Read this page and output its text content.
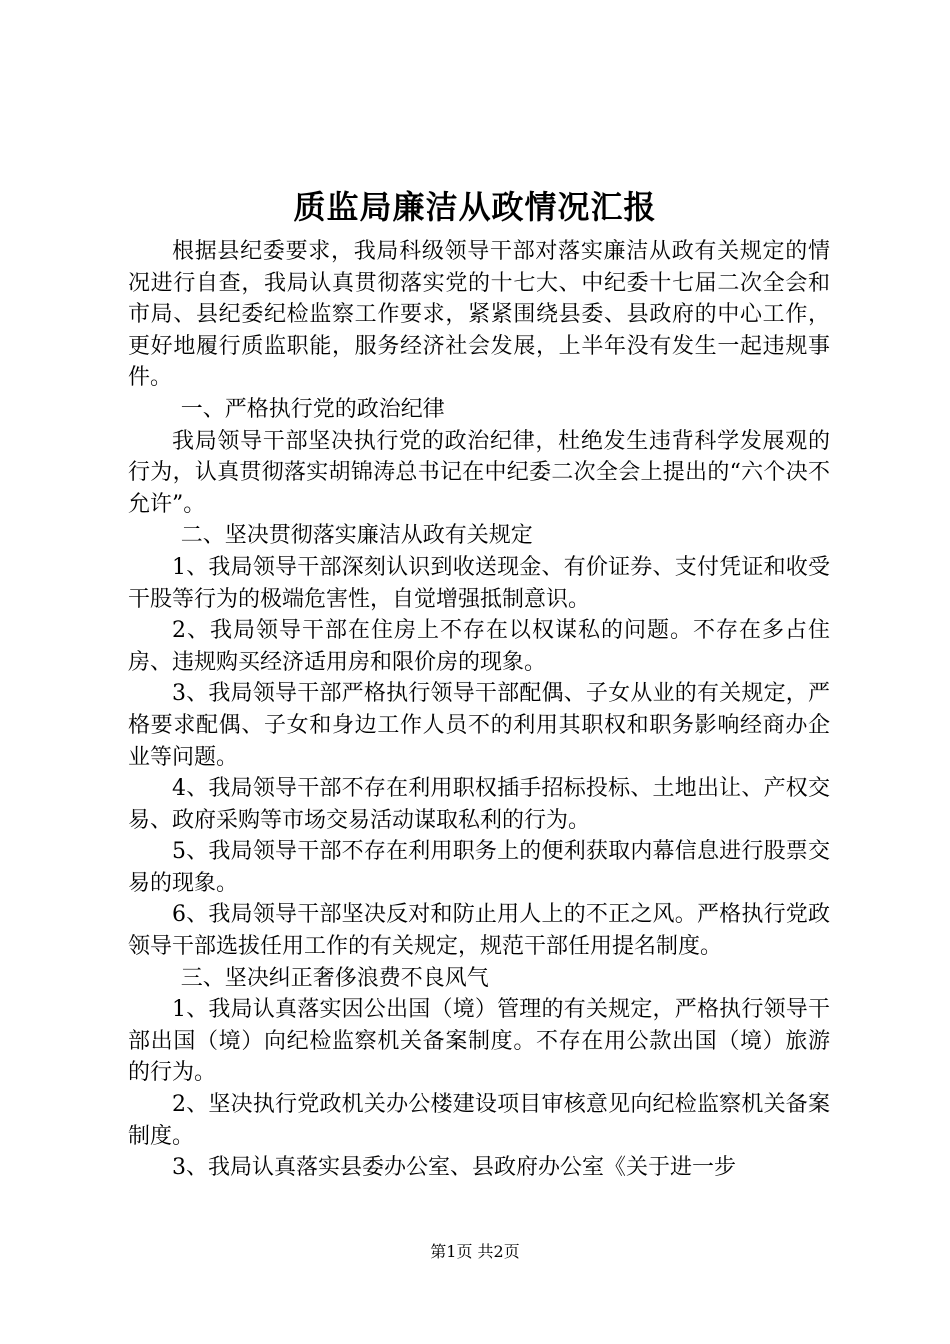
质监局廉洁从政情况汇报

根据县纪委要求，我局科级领导干部对落实廉洁从政有关规定的情况进行自查，我局认真贯彻落实党的十七大、中纪委十七届二次全会和市局、县纪委纪检监察工作要求，紧紧围绕县委、县政府的中心工作，更好地履行质监职能，服务经济社会发展，上半年没有发生一起违规事件。

一、严格执行党的政治纪律

我局领导干部坚决执行党的政治纪律，杜绝发生违背科学发展观的行为，认真贯彻落实胡锦涛总书记在中纪委二次全会上提出的“六个决不允许”。

二、坚决贯彻落实廉洁从政有关规定

1、我局领导干部深刻认识到收送现金、有价证券、支付凭证和收受干股等行为的极端危害性，自觉增强抵制意识。

2、我局领导干部在住房上不存在以权谋私的问题。不存在多占住房、违规购买经济适用房和限价房的现象。

3、我局领导干部严格执行领导干部配偶、子女从业的有关规定，严格要求配偶、子女和身边工作人员不的利用其职权和职务影响经商办企业等问题。

4、我局领导干部不存在利用职权插手招标投标、土地出让、产权交易、政府采购等市场交易活动谋取私利的行为。

5、我局领导干部不存在利用职务上的便利获取内幕信息进行股票交易的现象。

6、我局领导干部坚决反对和防止用人上的不正之风。严格执行党政领导干部选拔任用工作的有关规定，规范干部任用提名制度。

三、坚决纠正奢侈浪费不良风气

1、我局认真落实因公出国（境）管理的有关规定，严格执行领导干部出国（境）向纪检监察机关备案制度。不存在用公款出国（境）旅游的行为。

2、坚决执行党政机关办公楼建设项目审核意见向纪检监察机关备案制度。

3、我局认真落实县委办公室、县政府办公室《关于进一步

第1页 共2页
